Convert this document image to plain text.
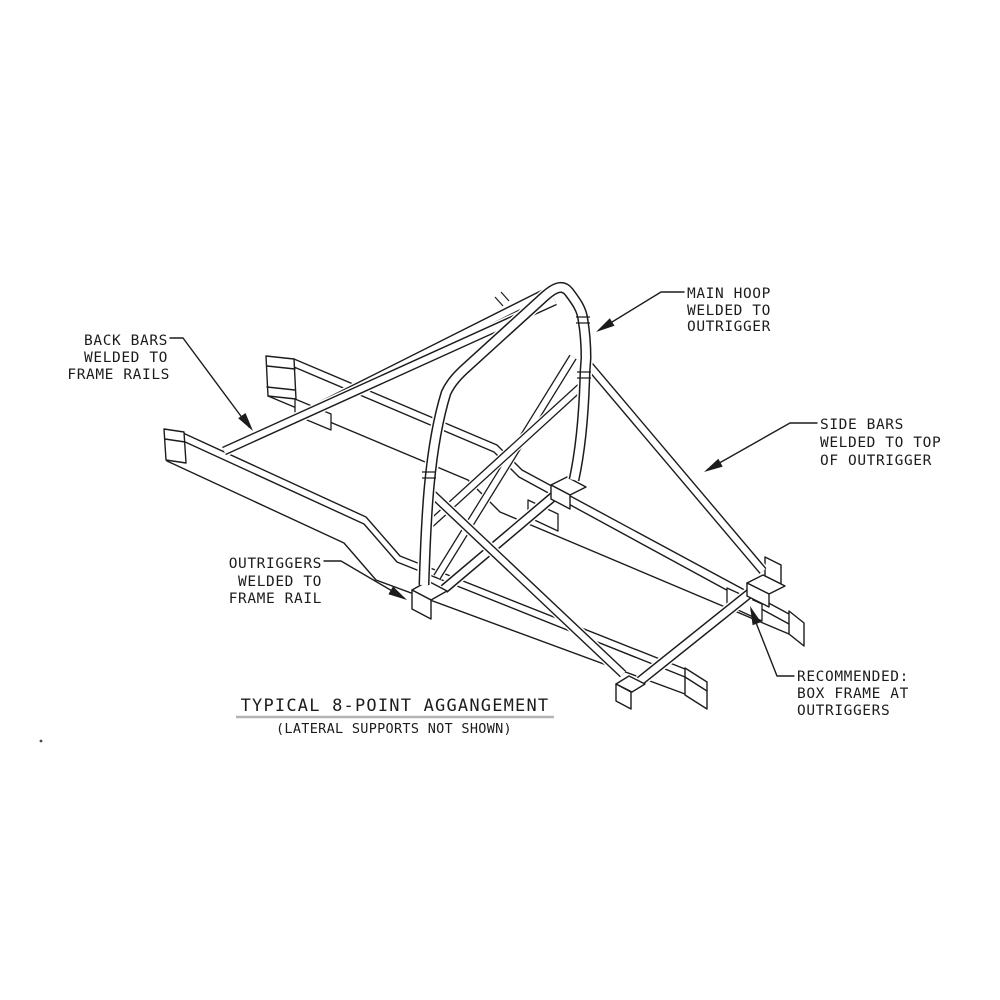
BACK BARS
WELDED TO
FRAME RAILS
MAIN HOOP
WELDED TO
OUTRIGGER
SIDE BARS
WELDED TO TOP
OF OUTRIGGER
OUTRIGGERS
WELDED TO
FRAME RAIL
RECOMMENDED:
BOX FRAME AT
OUTRIGGERS
TYPICAL 8-POINT AGGANGEMENT
(LATERAL SUPPORTS NOT SHOWN)
